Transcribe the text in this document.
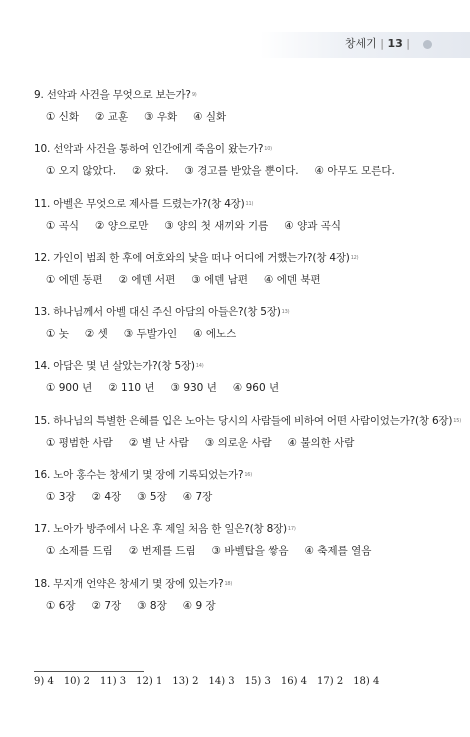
창세기 | 13 |
9. 선악과 사건을 무엇으로 보는가?$^{9)}$
① 신화 ② 교훈 ③ 우화 ④ 실화
10. 선악과 사건을 통하여 인간에게 죽음이 왔는가?$^{10)}$
① 오지 않았다. ② 왔다. ③ 경고를 받았을 뿐이다. ④ 아무도 모른다.
11. 아벨은 무엇으로 제사를 드렸는가?(창 4장)$^{11)}$
① 곡식 ② 양으로만 ③ 양의 첫 새끼와 기름 ④ 양과 곡식
12. 가인이 범죄 한 후에 여호와의 낯을 떠나 어디에 거했는가?(창 4장)$^{12)}$
① 에덴 동편 ② 에덴 서편 ③ 에덴 남편 ④ 에덴 북편
13. 하나님께서 아벨 대신 주신 아담의 아들은?(창 5장)$^{13)}$
① 놋 ② 셋 ③ 두발가인 ④ 에노스
14. 아담은 몇 년 살았는가?(창 5장)$^{14)}$
① 900 년 ② 110 년 ③ 930 년 ④ 960 년
15. 하나님의 특별한 은혜를 입은 노아는 당시의 사람들에 비하여 어떤 사람이었는가?(창 6장)$^{15)}$
① 평범한 사람 ② 별 난 사람 ③ 의로운 사람 ④ 불의한 사람
16. 노아 홍수는 창세기 몇 장에 기록되었는가?$^{16)}$
① 3장 ② 4장 ③ 5장 ④ 7장
17. 노아가 방주에서 나온 후 제일 처음 한 일은?(창 8장)$^{17)}$
① 소제를 드림 ② 번제를 드림 ③ 바벨탑을 쌓음 ④ 축제를 열음
18. 무지개 언약은 창세기 몇 장에 있는가?$^{18)}$
① 6장 ② 7장 ③ 8장 ④ 9 장
9) 4 10) 2 11) 3 12) 1 13) 2 14) 3 15) 3 16) 4 17) 2 18) 4
